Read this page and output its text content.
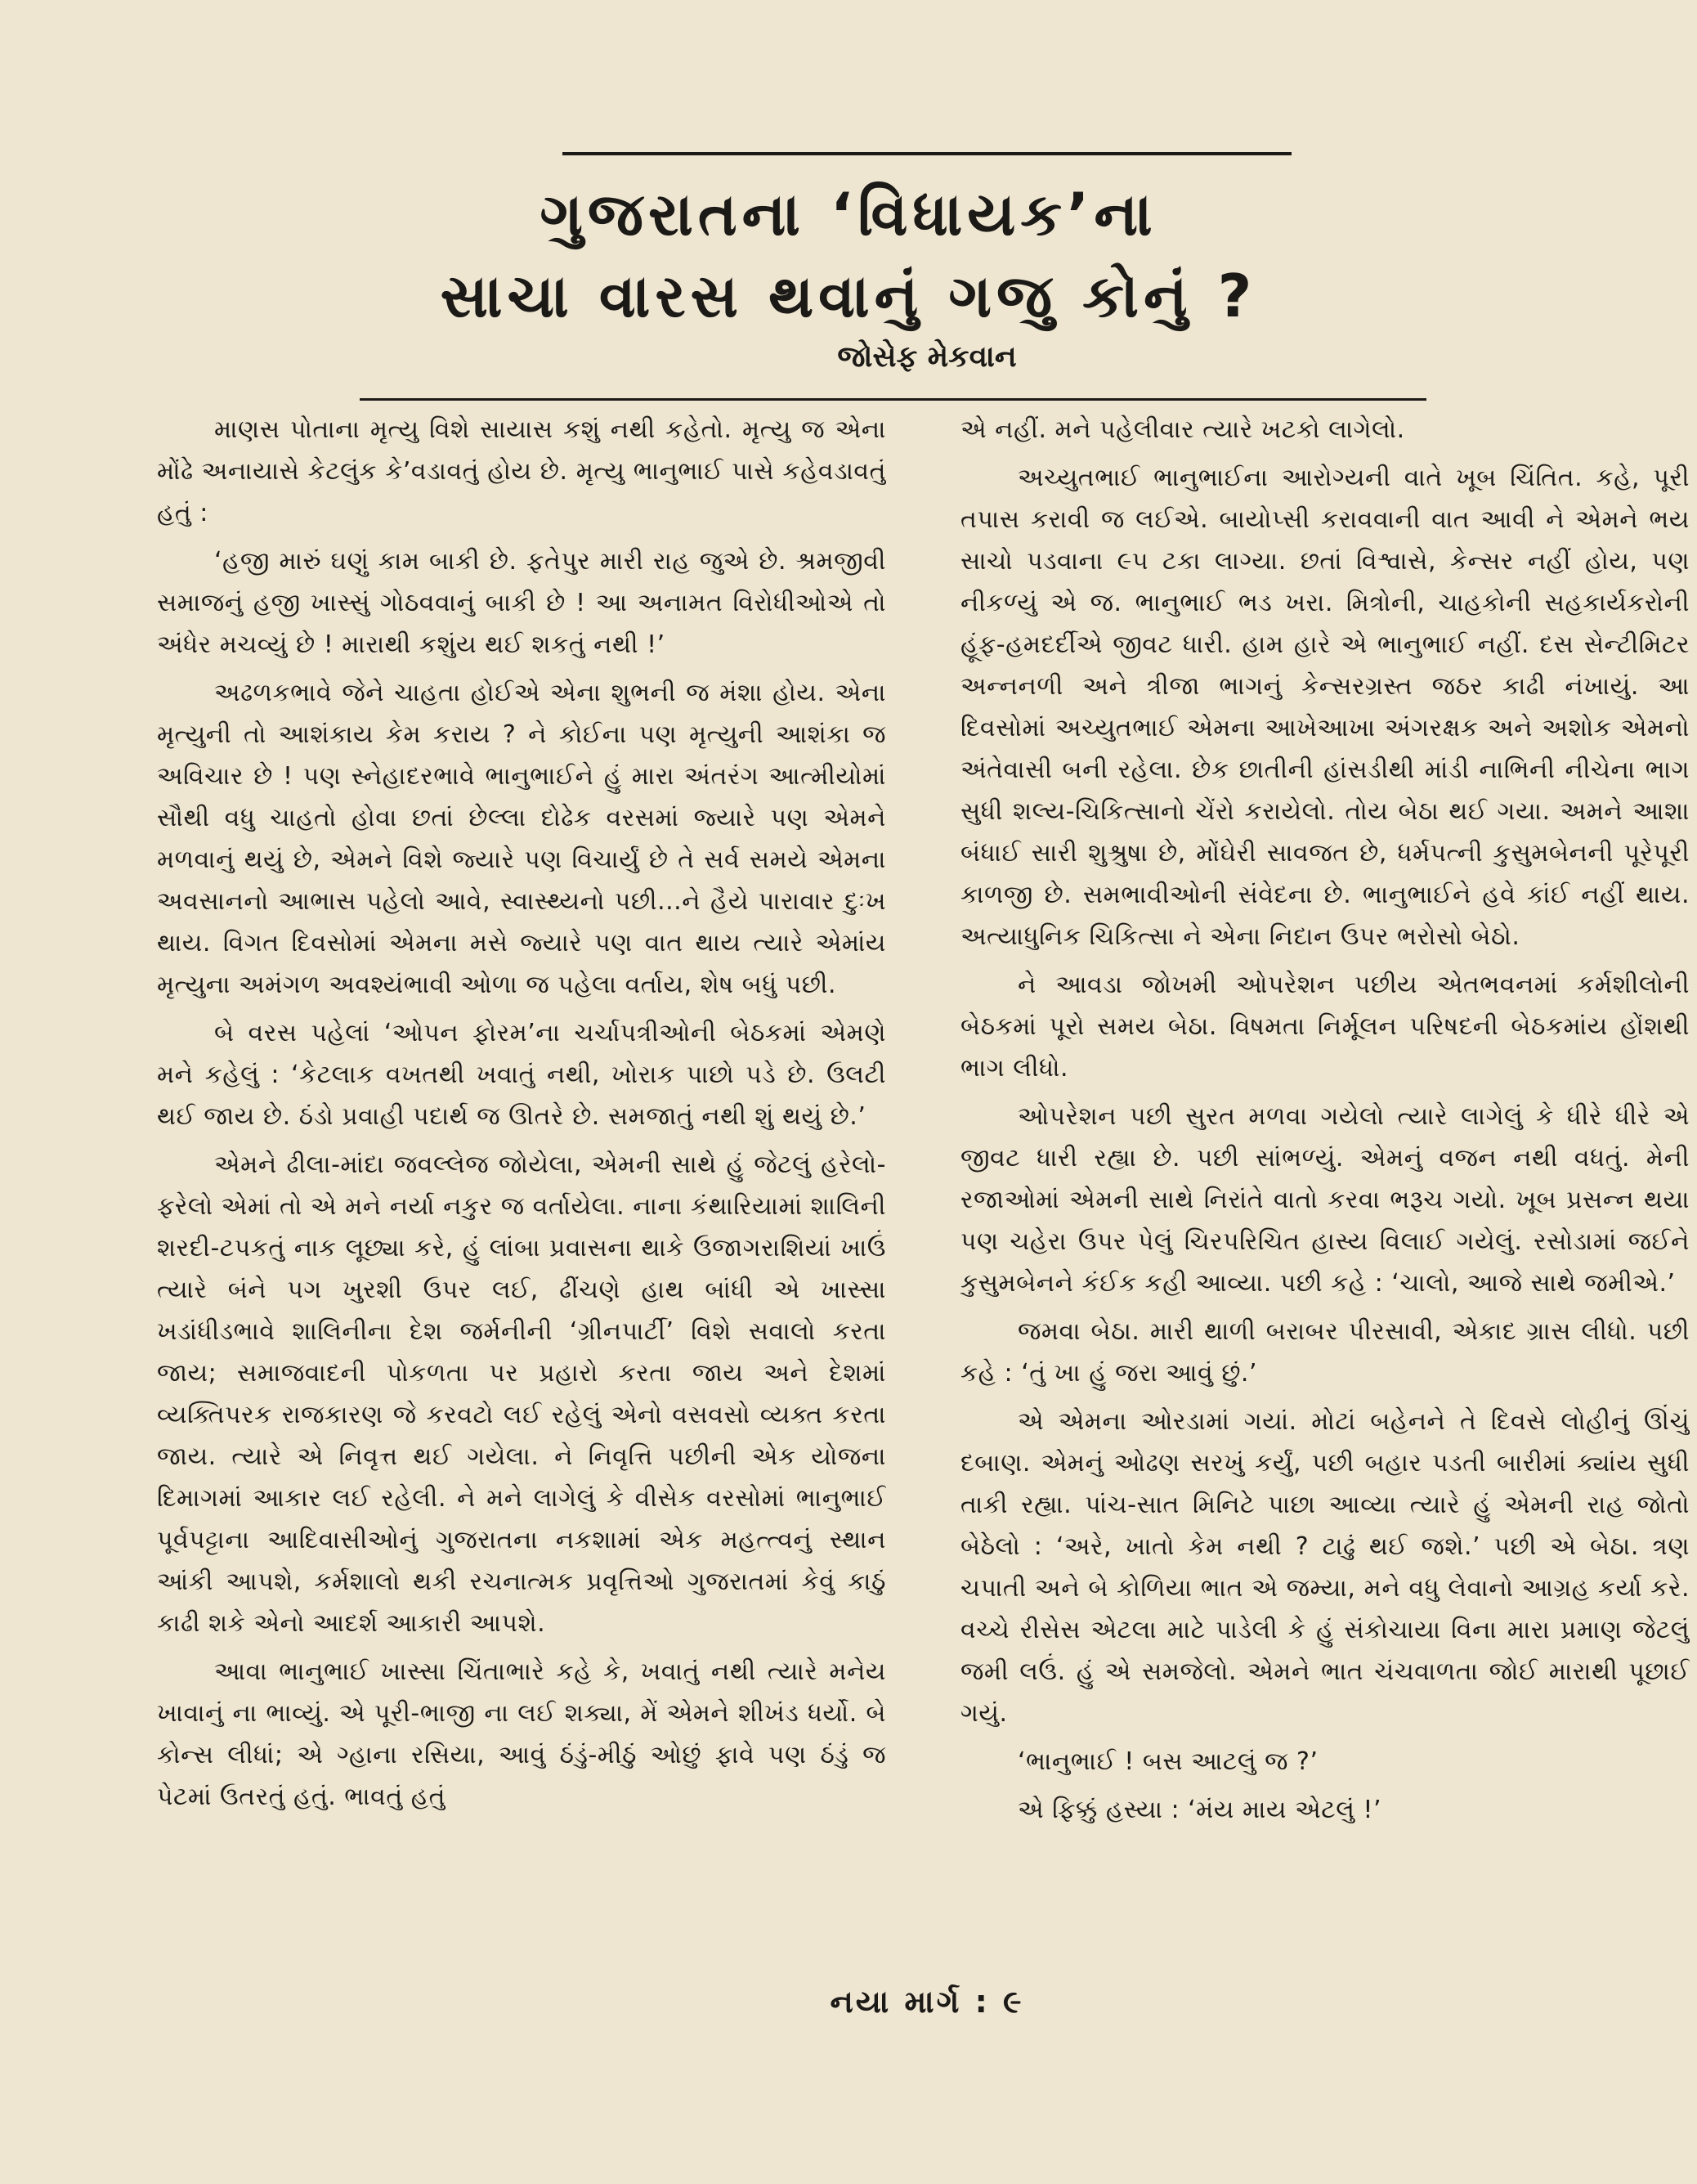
ગુજરાતના ‘વિધાયક’ના
સાચા વારસ થવાનું ગજુ કોનું ?
જોસેફ મેકવાન

માણસ પોતાના મૃત્યુ વિશે સાયાસ કશું નથી કહેતો. મૃત્યુ જ એના મોંઢે અનાયાસે કેટલુંક કે’વડાવતું હોય છે. મૃત્યુ ભાનુભાઈ પાસે કહેવડાવતું હતું :

‘હજી મારું ઘણું કામ બાકી છે. ફતેપુર મારી રાહ જુએ છે. શ્રમજીવી સમાજનું હજી ખાસ્સું ગોઠવવાનું બાકી છે ! આ અનામત વિરોધીઓએ તો અંધેર મચવ્યું છે ! મારાથી કશુંય થઈ શકતું નથી !’

અઢળકભાવે જેને ચાહતા હોઈએ એના શુભની જ મંશા હોય. એના મૃત્યુની તો આશંકાય કેમ કરાય ? ને કોઈના પણ મૃત્યુની આશંકા જ અવિચાર છે ! પણ સ્નેહાદરભાવે ભાનુભાઈને હું મારા અંતરંગ આત્મીયોમાં સૌથી વધુ ચાહતો હોવા છતાં છેલ્લા દોઢેક વરસમાં જ્યારે પણ એમને મળવાનું થયું છે, એમને વિશે જ્યારે પણ વિચાર્યું છે તે સર્વ સમયે એમના અવસાનનો આભાસ પહેલો આવે, સ્વાસ્થ્યનો પછી...ને હૈયે પારાવાર દુઃખ થાય. વિગત દિવસોમાં એમના મસે જ્યારે પણ વાત થાય ત્યારે એમાંય મૃત્યુના અમંગળ અવશ્યંભાવી ઓળા જ પહેલા વર્તાય, શેષ બધું પછી.

બે વરસ પહેલાં ‘ઓપન ફોરમ’ના ચર્ચાપત્રીઓની બેઠકમાં એમણે મને કહેલું : ‘કેટલાક વખતથી ખવાતું નથી, ખોરાક પાછો પડે છે. ઉલટી થઈ જાય છે. ઠંડો પ્રવાહી પદાર્થ જ ઊતરે છે. સમજાતું નથી શું થયું છે.’

એમને ઢીલા-માંદા જવલ્લેજ જોયેલા, એમની સાથે હું જેટલું હરેલો-ફરેલો એમાં તો એ મને નર્યા નકુર જ વર્તાયેલા. નાના કંથારિયામાં શાલિની શરદી-ટપકતું નાક લૂછ્યા કરે, હું લાંબા પ્રવાસના થાકે ઉજાગરાશિયાં ખાઉં ત્યારે બંને પગ ખુરશી ઉપર લઈ, ઢીંચણે હાથ બાંધી એ ખાસ્સા ખડાંધીડભાવે શાલિનીના દેશ જર્મનીની ‘ગ્રીનપાર્ટી’ વિશે સવાલો કરતા જાય; સમાજવાદની પોકળતા પર પ્રહારો કરતા જાય અને દેશમાં વ્યક્તિપરક રાજકારણ જે કરવટો લઈ રહેલું એનો વસવસો વ્યક્ત કરતા જાય. ત્યારે એ નિવૃત્ત થઈ ગયેલા. ને નિવૃત્તિ પછીની એક યોજના દિમાગમાં આકાર લઈ રહેલી. ને મને લાગેલું કે વીસેક વરસોમાં ભાનુભાઈ પૂર્વપટ્ટાના આદિવાસીઓનું ગુજરાતના નકશામાં એક મહત્ત્વનું સ્થાન આંકી આપશે, કર્મશાલો થકી રચનાત્મક પ્રવૃત્તિઓ ગુજરાતમાં કેવું કાઠું કાઢી શકે એનો આદર્શ આકારી આપશે.

આવા ભાનુભાઈ ખાસ્સા ચિંતાભારે કહે કે, ખવાતું નથી ત્યારે મનેય ખાવાનું ના ભાવ્યું. એ પૂરી-ભાજી ના લઈ શક્યા, મેં એમને શીખંડ ધર્યો. બે કોન્સ લીધાં; એ ગ્હાના રસિયા, આવું ઠંડું-મીઠું ઓછું ફાવે પણ ઠંડું જ પેટમાં ઉતરતું હતું. ભાવતું હતું

એ નહીં. મને પહેલીવાર ત્યારે ખટકો લાગેલો.

અચ્યુતભાઈ ભાનુભાઈના આરોગ્યની વાતે ખૂબ ચિંતિત. કહે, પૂરી તપાસ કરાવી જ લઈએ. બાયોપ્સી કરાવવાની વાત આવી ને એમને ભય સાચો પડવાના ૯૫ ટકા લાગ્યા. છતાં વિશ્વાસે, કેન્સર નહીં હોય, પણ નીકળ્યું એ જ. ભાનુભાઈ ભડ ખરા. મિત્રોની, ચાહકોની સહકાર્યકરોની હૂંફ-હમદર્દીએ જીવટ ધારી. હામ હારે એ ભાનુભાઈ નહીં. દસ સેન્ટીમિટર અન્નનળી અને ત્રીજા ભાગનું કેન્સરગ્રસ્ત જઠર કાઢી નંખાયું. આ દિવસોમાં અચ્યુતભાઈ એમના આખેઆખા અંગરક્ષક અને અશોક એમનો અંતેવાસી બની રહેલા. છેક છાતીની હાંસડીથી માંડી નાભિની નીચેના ભાગ સુધી શલ્ય-ચિકિત્સાનો ચેંરો કરાયેલો. તોય બેઠા થઈ ગયા. અમને આશા બંધાઈ સારી શુશ્રુષા છે, મોંઘેરી સાવજત છે, ધર્મપત્ની કુસુમબેનની પૂરેપૂરી કાળજી છે. સમભાવીઓની સંવેદના છે. ભાનુભાઈને હવે કાંઈ નહીં થાય. અત્યાધુનિક ચિકિત્સા ને એના નિદાન ઉપર ભરોસો બેઠો.

ને આવડા જોખમી ઓપરેશન પછીય એતભવનમાં કર્મશીલોની બેઠકમાં પૂરો સમય બેઠા. વિષમતા નિર્મૂલન પરિષદની બેઠકમાંય હોંશથી ભાગ લીધો.

ઓપરેશન પછી સુરત મળવા ગયેલો ત્યારે લાગેલું કે ધીરે ધીરે એ જીવટ ધારી રહ્યા છે. પછી સાંભળ્યું. એમનું વજન નથી વધતું. મેની રજાઓમાં એમની સાથે નિરાંતે વાતો કરવા ભરૂચ ગયો. ખૂબ પ્રસન્ન થયા પણ ચહેરા ઉપર પેલું ચિરપરિચિત હાસ્ય વિલાઈ ગયેલું. રસોડામાં જઈને કુસુમબેનને કંઈક કહી આવ્યા. પછી કહે : ‘ચાલો, આજે સાથે જમીએ.’

જમવા બેઠા. મારી થાળી બરાબર પીરસાવી, એકાદ ગ્રાસ લીધો. પછી કહે : ‘તું ખા હું જરા આવું છું.’

એ એમના ઓરડામાં ગયાં. મોટાં બહેનને તે દિવસે લોહીનું ઊંચું દબાણ. એમનું ઓઢણ સરખું કર્યું, પછી બહાર પડતી બારીમાં ક્યાંય સુધી તાકી રહ્યા. પાંચ-સાત મિનિટે પાછા આવ્યા ત્યારે હું એમની રાહ જોતો બેઠેલો : ‘અરે, ખાતો કેમ નથી ? ટાઢું થઈ જશે.’ પછી એ બેઠા. ત્રણ ચપાતી અને બે કોળિયા ભાત એ જમ્યા, મને વધુ લેવાનો આગ્રહ કર્યા કરે. વચ્ચે રીસેસ એટલા માટે પાડેલી કે હું સંકોચાયા વિના મારા પ્રમાણ જેટલું જમી લઉં. હું એ સમજેલો. એમને ભાત ચંચવાળતા જોઈ મારાથી પૂછાઈ ગયું.

‘ભાનુભાઈ ! બસ આટલું જ ?’

એ ફિક્કું હસ્યા : ‘મંય માય એટલું !’

નયા માર્ગ : ૯
